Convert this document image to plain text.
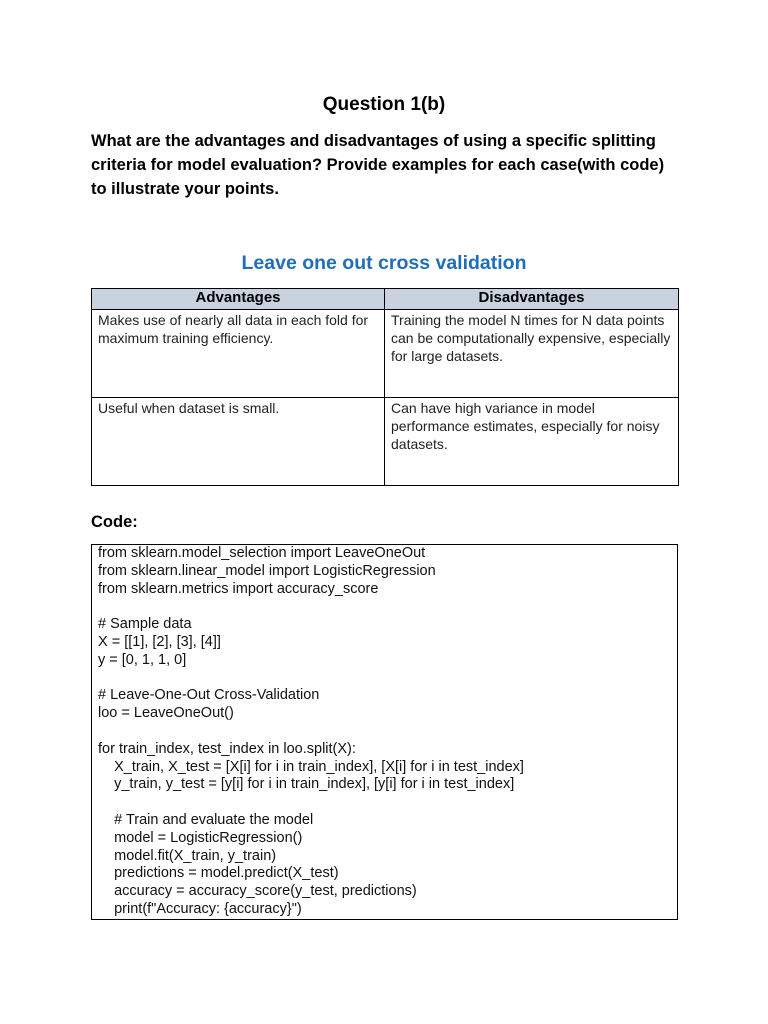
Question 1(b)
What are the advantages and disadvantages of using a specific splitting criteria for model evaluation? Provide examples for each case(with code) to illustrate your points.
Leave one out cross validation
Advantages	Disadvantages
Makes use of nearly all data in each fold for maximum training efficiency.	Training the model N times for N data points can be computationally expensive, especially for large datasets.
Useful when dataset is small.	Can have high variance in model performance estimates, especially for noisy datasets.
Code:
from sklearn.model_selection import LeaveOneOut
from sklearn.linear_model import LogisticRegression
from sklearn.metrics import accuracy_score
# Sample data
X = [[1], [2], [3], [4]]
y = [0, 1, 1, 0]
# Leave-One-Out Cross-Validation
loo = LeaveOneOut()
for train_index, test_index in loo.split(X):
X_train, X_test = [X[i] for i in train_index], [X[i] for i in test_index]
y_train, y_test = [y[i] for i in train_index], [y[i] for i in test_index]
# Train and evaluate the model
model = LogisticRegression()
model.fit(X_train, y_train)
predictions = model.predict(X_test)
accuracy = accuracy_score(y_test, predictions)
print(f"Accuracy: {accuracy}")
